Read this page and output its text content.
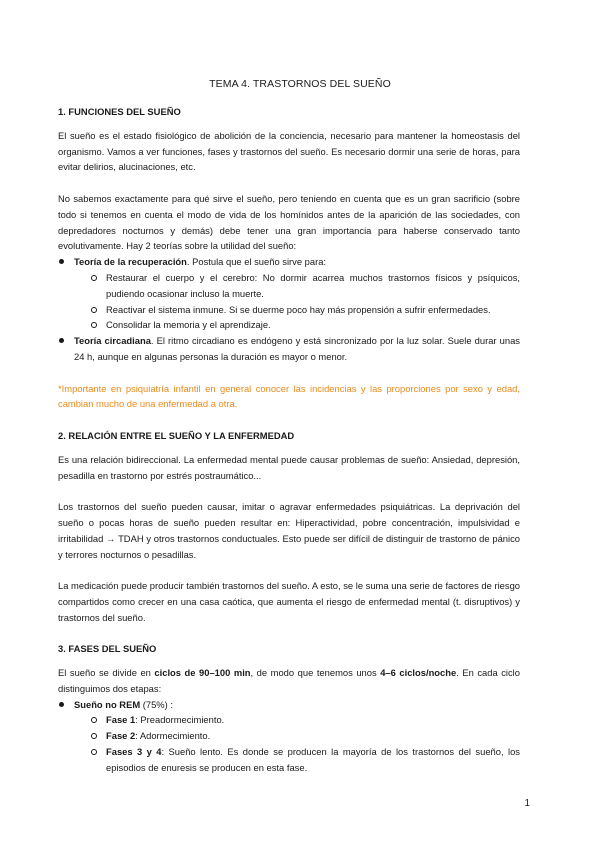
TEMA 4. TRASTORNOS DEL SUEÑO
1. FUNCIONES DEL SUEÑO

El sueño es el estado fisiológico de abolición de la conciencia, necesario para mantener la homeostasis del organismo. Vamos a ver funciones, fases y trastornos del sueño. Es necesario dormir una serie de horas, para evitar delirios, alucinaciones, etc.

No sabemos exactamente para qué sirve el sueño, pero teniendo en cuenta que es un gran sacrificio (sobre todo si tenemos en cuenta el modo de vida de los homínidos antes de la aparición de las sociedades, con depredadores nocturnos y demás) debe tener una gran importancia para haberse conservado tanto evolutivamente. Hay 2 teorías sobre la utilidad del sueño:

Teoría de la recuperación. Postula que el sueño sirve para:
Restaurar el cuerpo y el cerebro: No dormir acarrea muchos trastornos físicos y psíquicos, pudiendo ocasionar incluso la muerte.
Reactivar el sistema inmune. Si se duerme poco hay más propensión a sufrir enfermedades.
Consolidar la memoria y el aprendizaje.
Teoría circadiana. El ritmo circadiano es endógeno y está sincronizado por la luz solar. Suele durar unas 24 h, aunque en algunas personas la duración es mayor o menor.

*Importante en psiquiatría infantil en general conocer las incidencias y las proporciones por sexo y edad, cambian mucho de una enfermedad a otra.

2. RELACIÓN ENTRE EL SUEÑO Y LA ENFERMEDAD

Es una relación bidireccional. La enfermedad mental puede causar problemas de sueño: Ansiedad, depresión, pesadilla en trastorno por estrés postraumático...

Los trastornos del sueño pueden causar, imitar o agravar enfermedades psiquiátricas. La deprivación del sueño o pocas horas de sueño pueden resultar en: Hiperactividad, pobre concentración, impulsividad e irritabilidad → TDAH y otros trastornos conductuales. Esto puede ser difícil de distinguir de trastorno de pánico y terrores nocturnos o pesadillas.

La medicación puede producir también trastornos del sueño. A esto, se le suma una serie de factores de riesgo compartidos como crecer en una casa caótica, que aumenta el riesgo de enfermedad mental (t. disruptivos) y trastornos del sueño.

3. FASES DEL SUEÑO

El sueño se divide en ciclos de 90–100 min, de modo que tenemos unos 4–6 ciclos/noche. En cada ciclo distinguimos dos etapas:

Sueño no REM (75%) :
Fase 1: Preadormecimiento.
Fase 2: Adormecimiento.
Fases 3 y 4: Sueño lento. Es donde se producen la mayoría de los trastornos del sueño, los episodios de enuresis se producen en esta fase.
1
